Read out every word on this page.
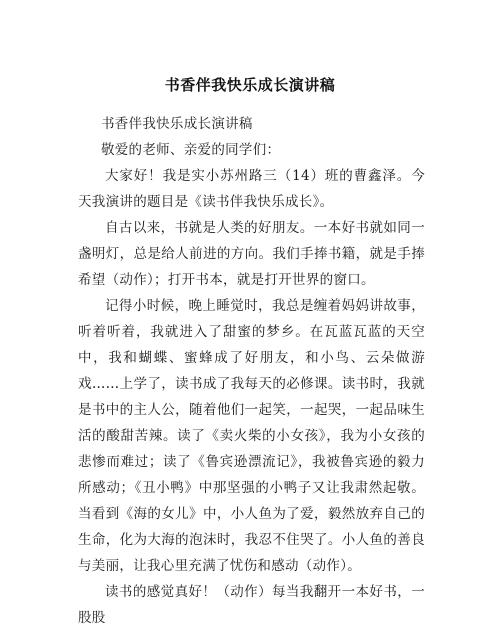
书香伴我快乐成长演讲稿

书香伴我快乐成长演讲稿

敬爱的老师、亲爱的同学们：

大家好！我是实小苏州路三（14）班的曹鑫泽。今天我演讲的题目是《读书伴我快乐成长》。

自古以来，书就是人类的好朋友。一本好书就如同一盏明灯，总是给人前进的方向。我们手捧书籍，就是手捧希望（动作）；打开书本，就是打开世界的窗口。

记得小时候，晚上睡觉时，我总是缠着妈妈讲故事，听着听着，我就进入了甜蜜的梦乡。在瓦蓝瓦蓝的天空中，我和蝴蝶、蜜蜂成了好朋友，和小鸟、云朵做游戏……上学了，读书成了我每天的必修课。读书时，我就是书中的主人公，随着他们一起笑，一起哭，一起品味生活的酸甜苦辣。读了《卖火柴的小女孩》，我为小女孩的悲惨而难过；读了《鲁宾逊漂流记》，我被鲁宾逊的毅力所感动；《丑小鸭》中那坚强的小鸭子又让我肃然起敬。当看到《海的女儿》中，小人鱼为了爱，毅然放弃自己的生命，化为大海的泡沫时，我忍不住哭了。小人鱼的善良与美丽，让我心里充满了忧伤和感动（动作）。

读书的感觉真好！（动作）每当我翻开一本好书，一股股
